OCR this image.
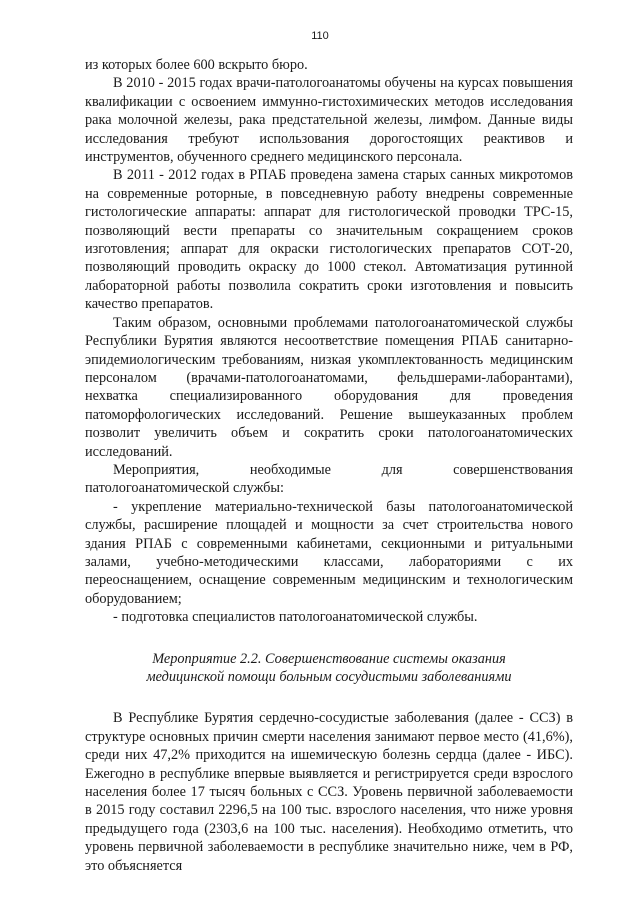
110

из которых более 600 вскрыто бюро.

В 2010 - 2015 годах врачи-патологоанатомы обучены на курсах повышения квалификации с освоением иммунно-гистохимических методов исследования рака молочной железы, рака предстательной железы, лимфом. Данные виды исследования требуют использования дорогостоящих реактивов и инструментов, обученного среднего медицинского персонала.

В 2011 - 2012 годах в РПАБ проведена замена старых санных микротомов на современные роторные, в повседневную работу внедрены современные гистологические аппараты: аппарат для гистологической проводки ТРС-15, позволяющий вести препараты со значительным сокращением сроков изготовления; аппарат для окраски гистологических препаратов СОТ-20, позволяющий проводить окраску до 1000 стекол. Автоматизация рутинной лабораторной работы позволила сократить сроки изготовления и повысить качество препаратов.

Таким образом, основными проблемами патологоанатомической службы Республики Бурятия являются несоответствие помещения РПАБ санитарно-эпидемиологическим требованиям, низкая укомплектованность медицинским персоналом (врачами-патологоанатомами, фельдшерами-лаборантами), нехватка специализированного оборудования для проведения патоморфологических исследований. Решение вышеуказанных проблем позволит увеличить объем и сократить сроки патологоанатомических исследований.

Мероприятия, необходимые для совершенствования патологоанатомической службы:

- укрепление материально-технической базы патологоанатомической службы, расширение площадей и мощности за счет строительства нового здания РПАБ с современными кабинетами, секционными и ритуальными залами, учебно-методическими классами, лабораториями с их переоснащением, оснащение современным медицинским и технологическим оборудованием;

- подготовка специалистов патологоанатомической службы.

Мероприятие 2.2. Совершенствование системы оказания
медицинской помощи больным сосудистыми заболеваниями

В Республике Бурятия сердечно-сосудистые заболевания (далее - ССЗ) в структуре основных причин смерти населения занимают первое место (41,6%), среди них 47,2% приходится на ишемическую болезнь сердца (далее - ИБС). Ежегодно в республике впервые выявляется и регистрируется среди взрослого населения более 17 тысяч больных с ССЗ. Уровень первичной заболеваемости в 2015 году составил 2296,5 на 100 тыс. взрослого населения, что ниже уровня предыдущего года (2303,6 на 100 тыс. населения). Необходимо отметить, что уровень первичной заболеваемости в республике значительно ниже, чем в РФ, это объясняется
